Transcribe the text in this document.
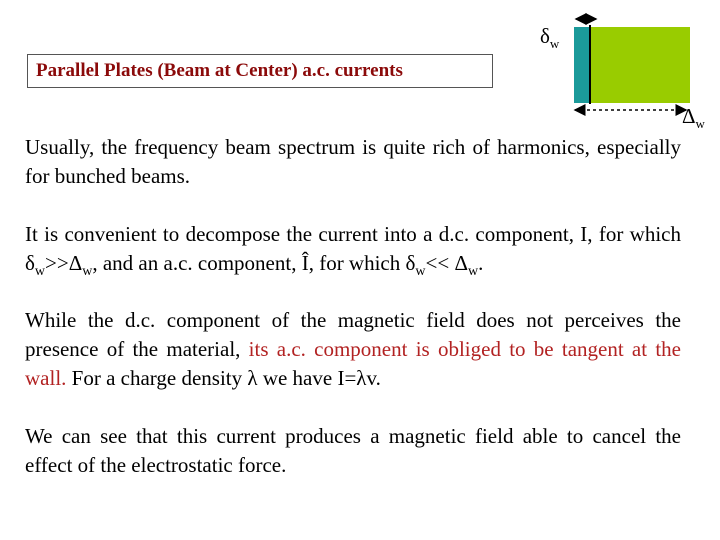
$\delta_w$
$\Delta_w$
Parallel Plates (Beam at Center) a.c. currents
Usually, the frequency beam spectrum is quite rich of harmonics, especially for bunched beams.
It is convenient to decompose the current into a d.c. component, I, for which $\delta_w>>\Delta_w$, and an a.c. component, Î, for which $\delta_w<< \Delta_w$.
While the d.c. component of the magnetic field does not perceives the presence of the material, its a.c. component is obliged to be tangent at the wall. For a charge density λ we have I=λv.
We can see that this current produces a magnetic field able to cancel the effect of the electrostatic force.
